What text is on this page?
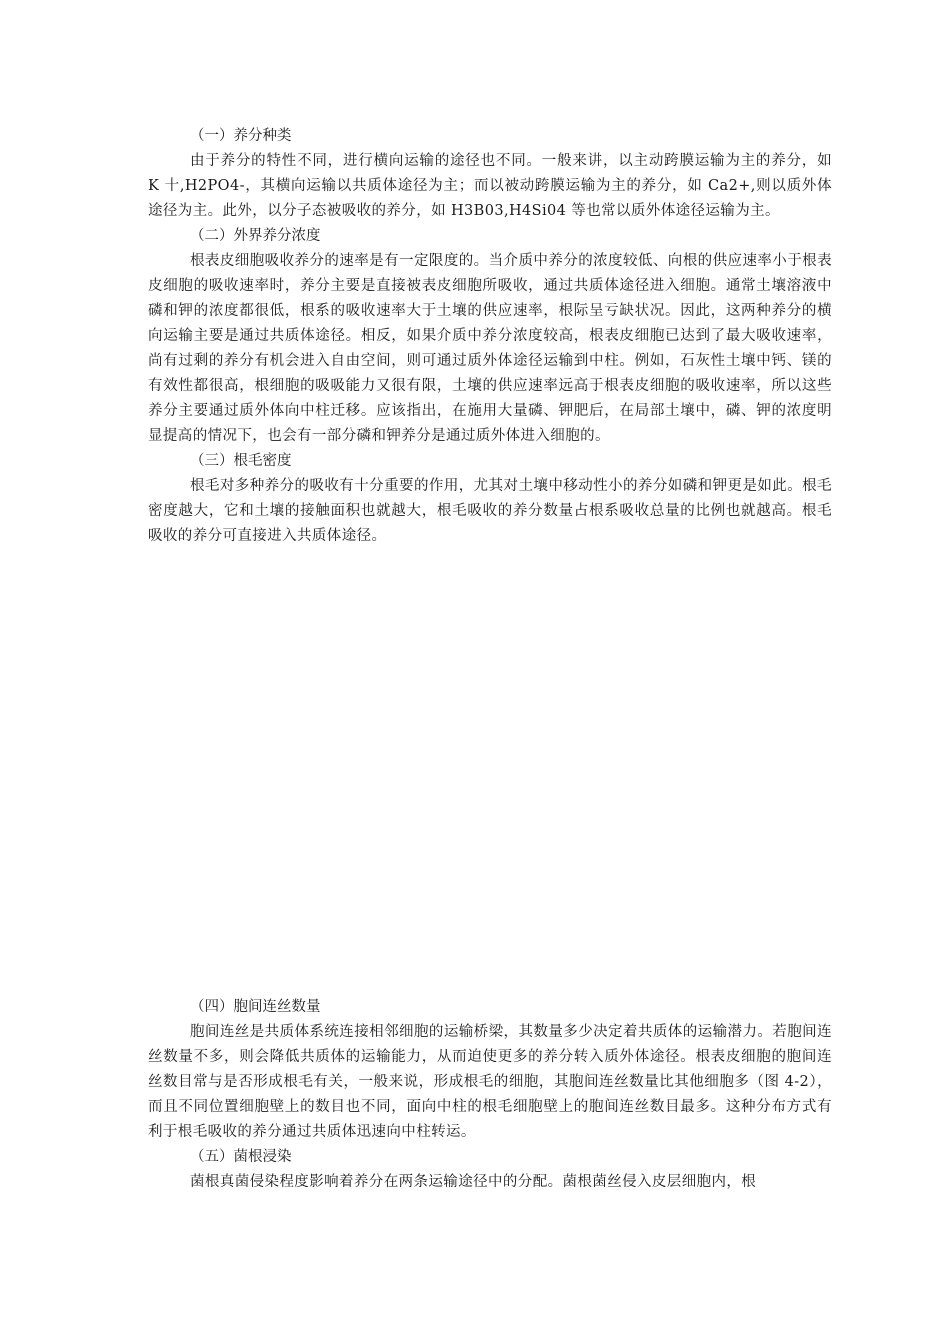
（一）养分种类

由于养分的特性不同，进行横向运输的途径也不同。一般来讲，以主动跨膜运输为主的养分，如 K 十,H2PO4-，其横向运输以共质体途径为主；而以被动跨膜运输为主的养分，如 Ca2+,则以质外体途径为主。此外，以分子态被吸收的养分，如 H3B03,H4Si04 等也常以质外体途径运输为主。

（二）外界养分浓度

根表皮细胞吸收养分的速率是有一定限度的。当介质中养分的浓度较低、向根的供应速率小于根表皮细胞的吸收速率时，养分主要是直接被表皮细胞所吸收，通过共质体途径进入细胞。通常土壤溶液中磷和钾的浓度都很低，根系的吸收速率大于土壤的供应速率，根际呈亏缺状况。因此，这两种养分的横向运输主要是通过共质体途径。相反，如果介质中养分浓度较高，根表皮细胞已达到了最大吸收速率，尚有过剩的养分有机会进入自由空间，则可通过质外体途径运输到中柱。例如，石灰性土壤中钙、镁的有效性都很高，根细胞的吸吸能力又很有限，土壤的供应速率远高于根表皮细胞的吸收速率，所以这些养分主要通过质外体向中柱迁移。应该指出，在施用大量磷、钾肥后，在局部土壤中，磷、钾的浓度明显提高的情况下，也会有一部分磷和钾养分是通过质外体进入细胞的。

（三）根毛密度

根毛对多种养分的吸收有十分重要的作用，尤其对土壤中移动性小的养分如磷和钾更是如此。根毛密度越大，它和土壤的接触面积也就越大，根毛吸收的养分数量占根系吸收总量的比例也就越高。根毛吸收的养分可直接进入共质体途径。

（四）胞间连丝数量

胞间连丝是共质体系统连接相邻细胞的运输桥梁，其数量多少决定着共质体的运输潜力。若胞间连丝数量不多，则会降低共质体的运输能力，从而迫使更多的养分转入质外体途径。根表皮细胞的胞间连丝数目常与是否形成根毛有关，一般来说，形成根毛的细胞，其胞间连丝数量比其他细胞多（图 4-2），而且不同位置细胞壁上的数目也不同，面向中柱的根毛细胞壁上的胞间连丝数目最多。这种分布方式有利于根毛吸收的养分通过共质体迅速向中柱转运。

（五）菌根浸染

菌根真菌侵染程度影响着养分在两条运输途径中的分配。菌根菌丝侵入皮层细胞内，根
